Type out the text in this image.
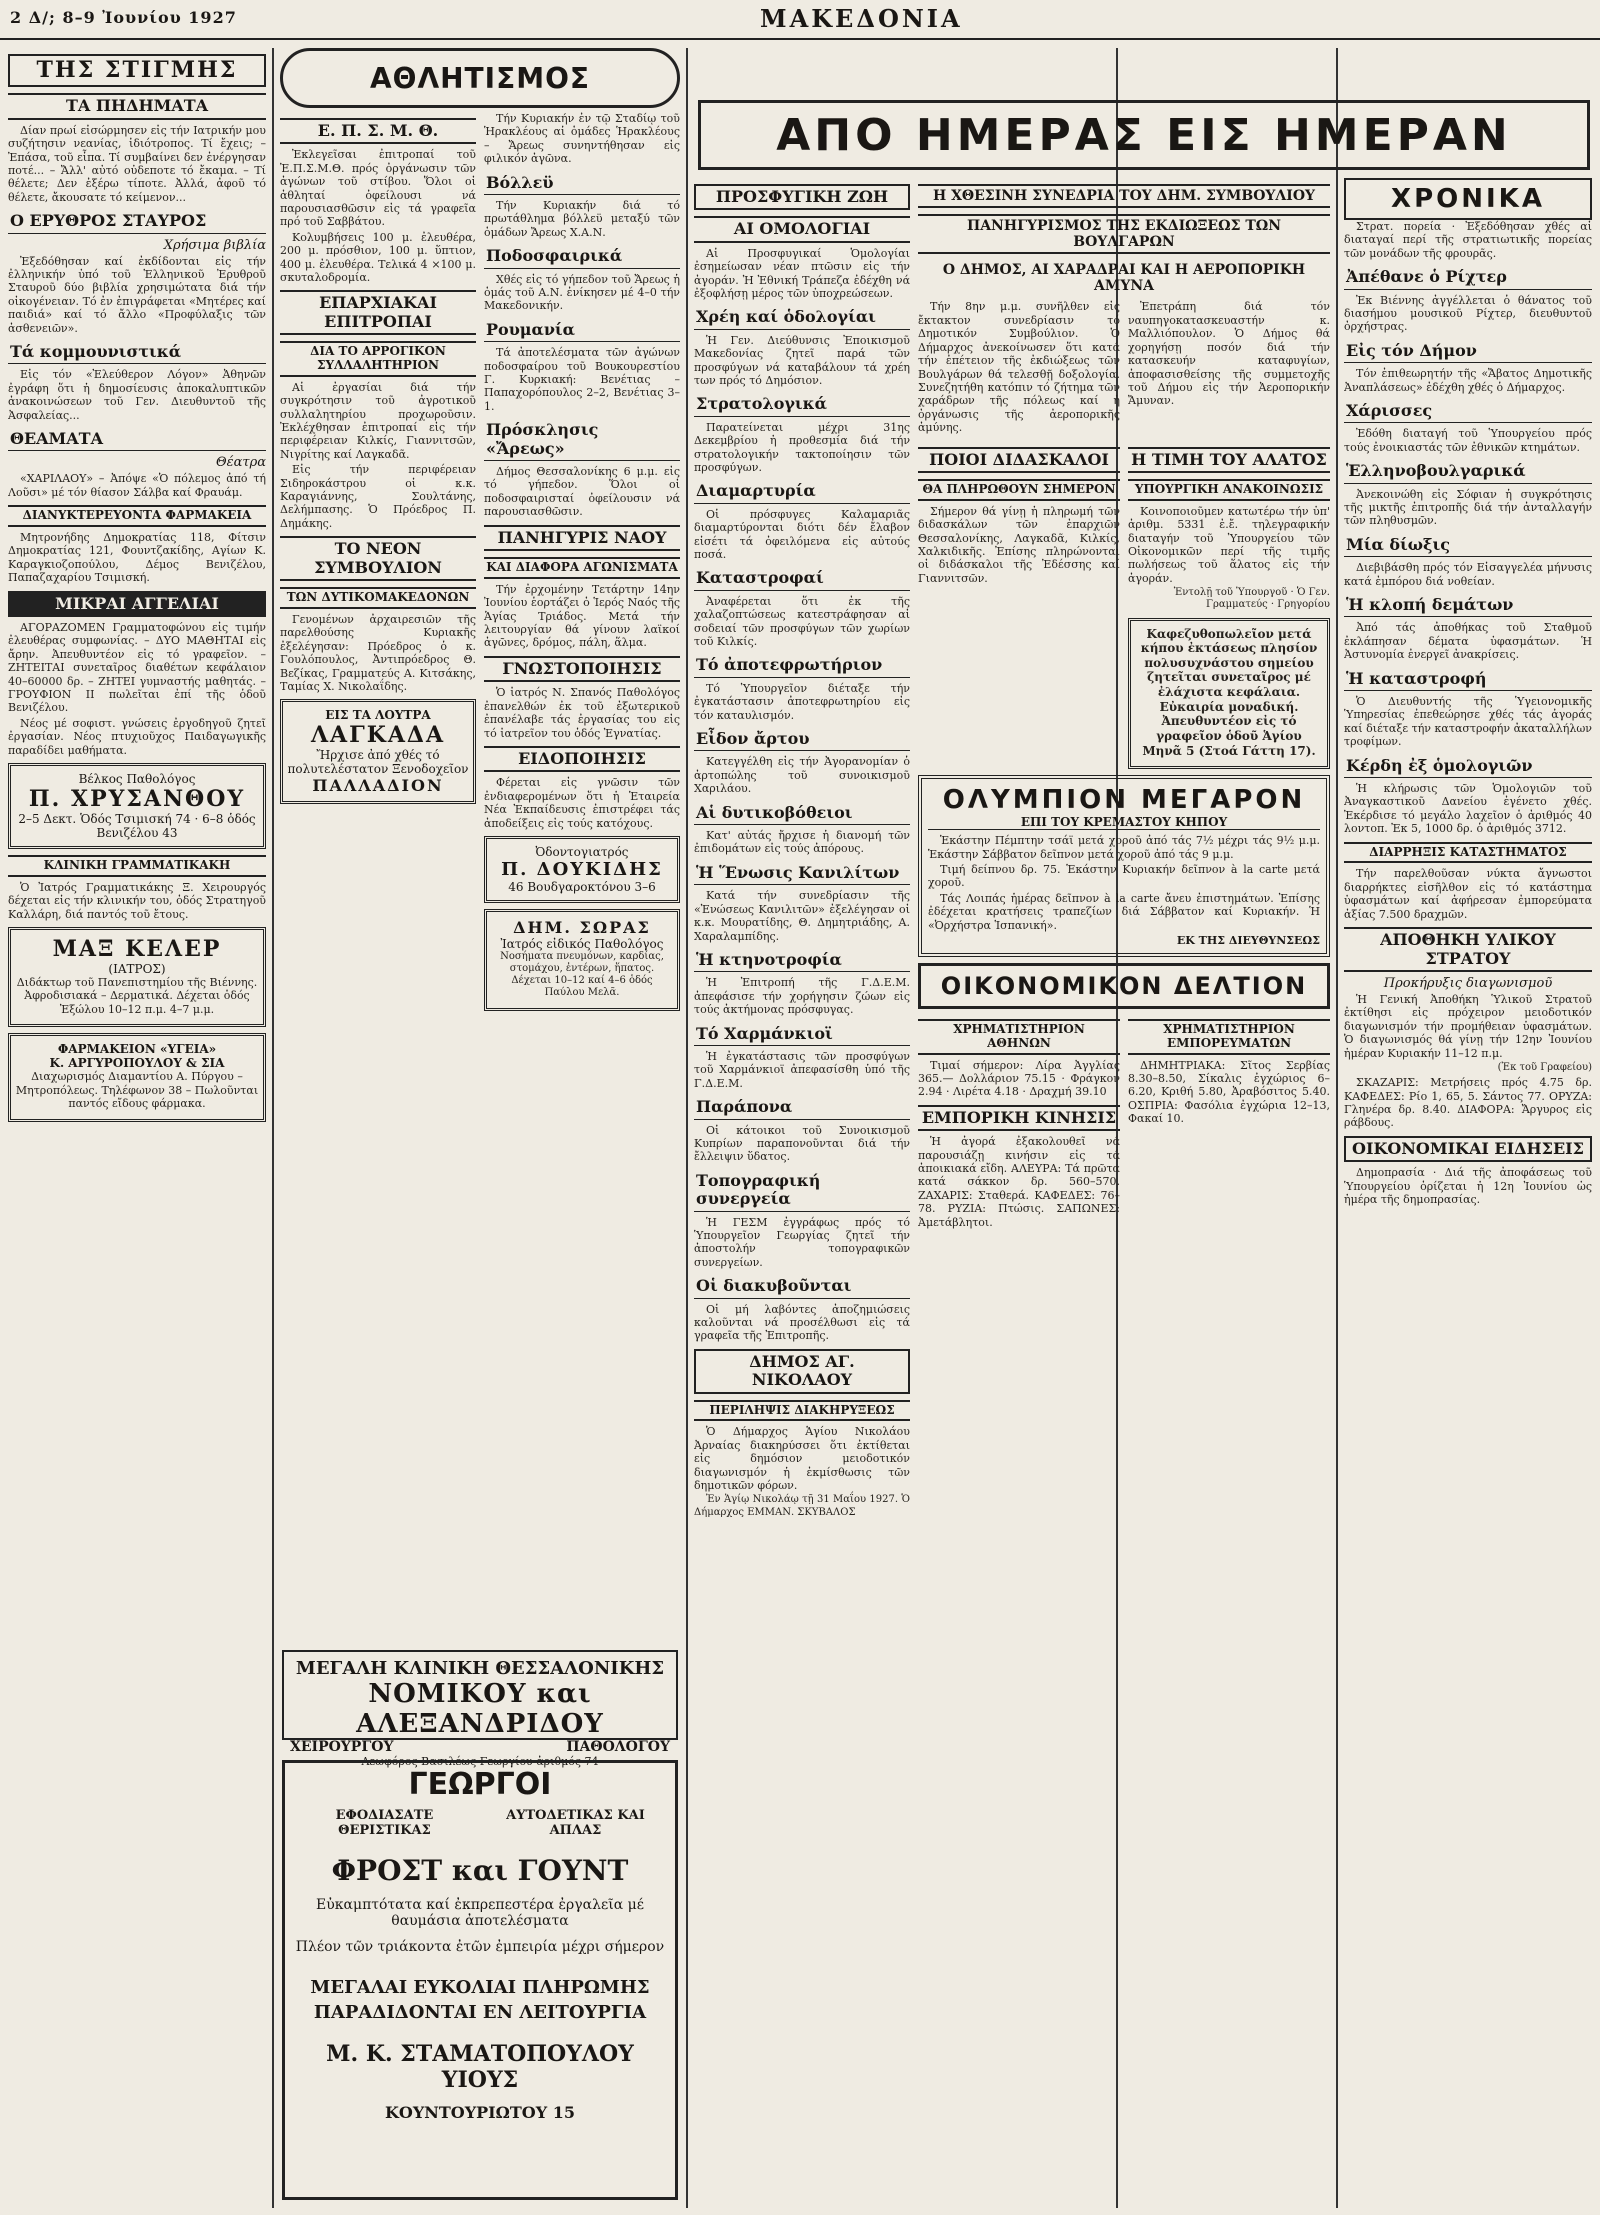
2 Δ/; 8–9 Ἰουνίου 1927	ΜΑΚΕΔΟΝΙΑ
ΤΗΣ ΣΤΙΓΜΗΣ
ΤΑ ΠΗΔΗΜΑΤΑ

Δίαν πρωί εἰσώρμησεν εἰς τήν Ιατρικήν μου συζήτησιν νεανίας, ἰδιότροπος. Τί ἔχεις; – Ἐπάσα, τοῦ εἶπα. Τί συμβαίνει δεν ἐνέργησαν ποτέ... – Ἄλλ' αὐτό οὐδεποτε τό ἔκαμα. – Τί θέλετε; Δεν ἐξέρω τίποτε. Ἀλλά, ἀφοῦ τό θέλετε, ἄκουσατε τό κείμενον...

Ο ΕΡΥΘΡΟΣ ΣΤΑΥΡΟΣ
Χρήσιμα βιβλία

Ἐξεδόθησαν καί ἐκδίδονται εἰς τήν ἐλληνικήν ὑπό τοῦ Ἑλληνικοῦ Ἐρυθροῦ Σταυροῦ δύο βιβλία χρησιμώτατα διά τήν οἰκογένειαν. Τό ἐν ἐπιγράφεται «Μητέρες καί παιδιά» καί τό ἄλλο «Προφύλαξις τῶν ἀσθενειῶν».

Τά κομμουνιστικά

Εἰς τόν «Ἐλεύθερον Λόγον» Ἀθηνῶν ἐγράφη ὅτι ἡ δημοσίευσις ἀποκαλυπτικῶν ἀνακοινώσεων τοῦ Γεν. Διευθυντοῦ τῆς Ἀσφαλείας...

ΘΕΑΜΑΤΑ
Θέατρα

«ΧΑΡΙΛΑΟΥ» – Ἀπόψε «Ὁ πόλεμος ἀπό τή Λοῦσι» μέ τόν θίασον Σάλβα καί Φραυάμ.

ΔΙΑΝΥΚΤΕΡΕΥΟΝΤΑ ΦΑΡΜΑΚΕΙΑ

Μητρονήδης Δημοκρατίας 118, Φίτσιν Δημοκρατίας 121, Φουντζακίδης, Αγίων Κ. Καραγκιοζοπούλου, Δέμος Βενιζέλου, Παπαζαχαρίου Τσιμισκή.

ΜΙΚΡΑΙ ΑΓΓΕΛΙΑΙ

ΑΓΟΡΑΖΟΜΕΝ Γραμματοφώνου εἰς τιμήν ἐλευθέρας συμφωνίας. – ΔΥΟ ΜΑΘΗΤΑΙ εἰς ἄρην. Ἀπευθυντέον εἰς τό γραφεῖον. – ΖΗΤΕΙΤΑΙ συνεταῖρος διαθέτων κεφάλαιον 40–60000 δρ. – ΖΗΤΕΙ γυμναστής μαθητάς. – ΓΡΟΥΦΙΟΝ ΙΙ πωλεῖται ἐπί τῆς ὁδοῦ Βενιζέλου.

Νέος μέ σοφιστ. γνώσεις ἐργοδηγοῦ ζητεῖ ἐργασίαν. Νέος πτυχιοῦχος Παιδαγωγικῆς παραδίδει μαθήματα.

Βέλκος Παθολόγος
Π. ΧΡΥΣΑΝΘΟΥ
2–5 Δεκτ. Ὁδός Τσιμισκή 74 · 6–8 ὁδός Βενιζέλου 43
ΚΛΙΝΙΚΗ ΓΡΑΜΜΑΤΙΚΑΚΗ

Ὁ Ἰατρός Γραμματικάκης Ξ. Χειρουργός δέχεται εἰς τήν κλινικήν του, ὁδός Στρατηγοῦ Καλλάρη, διά παντός τοῦ ἔτους.

ΜΑΞ ΚΕΛΕΡ
(ΙΑΤΡΟΣ)

Διδάκτωρ τοῦ Πανεπιστημίου τῆς Βιέννης. Ἀφροδισιακά – Δερματικά. Δέχεται ὁδός Ἐξώλου 10–12 π.μ. 4–7 μ.μ.

ΦΑΡΜΑΚΕΙΟΝ «ΥΓΕΙΑ»
Κ. ΑΡΓΥΡΟΠΟΥΛΟΥ & ΣΙΑ

Διαχωρισμός Διαμαντίου Α. Πύργου – Μητροπόλεως. Τηλέφωνον 38 – Πωλοῦνται παντός εἴδους φάρμακα.

ΑΘΛΗΤΙΣΜΟΣ
Ε. Π. Σ. Μ. Θ.

Ἐκλεγεῖσαι ἐπιτροπαί τοῦ Ἐ.Π.Σ.Μ.Θ. πρός ὀργάνωσιν τῶν ἀγώνων τοῦ στίβου. Ὅλοι οἱ ἀθληταί ὀφείλουσι νά παρουσιασθῶσιν εἰς τά γραφεῖα πρό τοῦ Σαββάτου.

Κολυμβήσεις 100 μ. ἐλευθέρα, 200 μ. πρόσθιον, 100 μ. ὕπτιον, 400 μ. ἐλευθέρα. Τελικά 4 ×100 μ. σκυταλοδρομία.

ΕΠΑΡΧΙΑΚΑΙ ΕΠΙΤΡΟΠΑΙ
ΔΙΑ ΤΟ ΑΡΡΟΓΙΚΟΝ ΣΥΛΛΑΛΗΤΗΡΙΟΝ

Αἱ ἐργασίαι διά τήν συγκρότησιν τοῦ ἀγροτικοῦ συλλαλητηρίου προχωροῦσιν. Ἐκλέχθησαν ἐπιτροπαί εἰς τήν περιφέρειαν Κιλκίς, Γιαννιτσῶν, Νιγρίτης καί Λαγκαδᾶ.

Εἰς τήν περιφέρειαν Σιδηροκάστρου οἱ κ.κ. Καραγιάννης, Σουλτάνης, Δελήμπασης. Ὁ Πρόεδρος Π. Δημάκης.

ΤΟ ΝΕΟΝ ΣΥΜΒΟΥΛΙΟΝ
ΤΩΝ ΔΥΤΙΚΟΜΑΚΕΔΟΝΩΝ

Γενομένων ἀρχαιρεσιῶν τῆς παρελθούσης Κυριακῆς ἐξελέγησαν: Πρόεδρος ὁ κ. Γουλόπουλος, Ἀντιπρόεδρος Θ. Βεζίκας, Γραμματεύς Α. Κιτσάκης, Ταμίας Χ. Νικολαΐδης.

ΕΙΣ ΤΑ ΛΟΥΤΡΑ
ΛΑΓΚΑΔΑ
Ἤρχισε ἀπό χθές τό πολυτελέστατον Ξενοδοχεῖον
ΠΑΛΛΑΔΙΟΝ

Τήν Κυριακήν ἐν τῷ Σταδίῳ τοῦ Ἡρακλέους αἱ ὁμάδες Ἡρακλέους – Ἄρεως συνηντήθησαν εἰς φιλικόν ἀγῶνα.

Βόλλεϋ

Τήν Κυριακήν διά τό πρωτάθλημα βόλλεϋ μεταξύ τῶν ὁμάδων Ἄρεως Χ.Α.Ν.

Ποδοσφαιρικά

Χθές εἰς τό γήπεδον τοῦ Ἄρεως ἡ ὁμάς τοῦ Α.Ν. ἐνίκησεν μέ 4–0 τήν Μακεδονικήν.

Ρουμανία

Τά ἀποτελέσματα τῶν ἀγώνων ποδοσφαίρου τοῦ Βουκουρεστίου Γ. Κυρκιακή: Βενέτιας – Παπαχορόπουλος 2–2, Βενέτιας 3–1.

Πρόσκλησις «Ἄρεως»

Δήμος Θεσσαλονίκης 6 μ.μ. εἰς τό γήπεδον. Ὅλοι οἱ ποδοσφαιρισταί ὀφείλουσιν νά παρουσιασθῶσιν.

ΠΑΝΗΓΥΡΙΣ ΝΑΟΥ
ΚΑΙ ΔΙΑΦΟΡΑ ΑΓΩΝΙΣΜΑΤΑ

Τήν ἐρχομένην Τετάρτην 14ην Ἰουνίου ἑορτάζει ὁ Ἱερός Ναός τῆς Ἁγίας Τριάδος. Μετά τήν λειτουργίαν θά γίνουν λαϊκοί ἀγῶνες, δρόμος, πάλη, ἅλμα.

ΓΝΩΣΤΟΠΟΙΗΣΙΣ

Ὁ ἰατρός Ν. Σπανός Παθολόγος ἐπανελθών ἐκ τοῦ ἐξωτερικοῦ ἐπανέλαβε τάς ἐργασίας του εἰς τό ἰατρεῖον του ὁδός Ἐγνατίας.

ΕΙΔΟΠΟΙΗΣΙΣ

Φέρεται εἰς γνῶσιν τῶν ἐνδιαφερομένων ὅτι ἡ Ἑταιρεία Νέα Ἐκπαίδευσις ἐπιστρέφει τάς ἀποδείξεις εἰς τούς κατόχους.

Ὀδοντογιατρός
Π. ΔΟΥΚΙΔΗΣ
46 Βουδγαροκτόνου 3–6
ΔΗΜ. ΣΩΡΑΣ
Ἰατρός εἰδικός Παθολόγος

Νοσήματα πνευμόνων, καρδίας, στομάχου, ἐντέρων, ἥπατος. Δέχεται 10–12 καί 4–6 ὁδός Παύλου Μελᾶ.

ΜΕΓΑΛΗ ΚΛΙΝΙΚΗ ΘΕΣΣΑΛΟΝΙΚΗΣ
ΝΟΜΙΚΟΥ και ΑΛΕΞΑΝΔΡΙΔΟΥ
ΧΕΙΡΟΥΡΓΟΥ	ΠΑΘΟΛΟΓΟΥ
Λεωφόρος Βασιλέως Γεωργίου ἀριθμός 74
ΓΕΩΡΓΟΙ
ΕΦΟΔΙΑΣΑΤΕ ΘΕΡΙΣΤΙΚΑΣ
ΑΥΤΟΔΕΤΙΚΑΣ ΚΑΙ ΑΠΛΑΣ
ΦΡΟΣΤ και ΓΟΥΝΤ
Εὐκαμπτότατα καί ἐκπρεπεστέρα ἐργαλεῖα μέ θαυμάσια ἀποτελέσματα
Πλέον τῶν τριάκοντα ἐτῶν ἐμπειρία μέχρι σήμερον
ΜΕΓΑΛΑΙ ΕΥΚΟΛΙΑΙ ΠΛΗΡΩΜΗΣ
ΠΑΡΑΔΙΔΟΝΤΑΙ ΕΝ ΛΕΙΤΟΥΡΓΙΑ
Μ. Κ. ΣΤΑΜΑΤΟΠΟΥΛΟΥ ΥΙΟΥΣ
ΚΟΥΝΤΟΥΡΙΩΤΟΥ 15
ΑΠΟ ΗΜΕΡΑΣ ΕΙΣ ΗΜΕΡΑΝ
ΠΡΟΣΦΥΓΙΚΗ ΖΩΗ
ΑΙ ΟΜΟΛΟΓΙΑΙ

Αἱ Προσφυγικαί Ὁμολογίαι ἐσημείωσαν νέαν πτῶσιν εἰς τήν ἀγοράν. Ἡ Ἐθνική Τράπεζα ἐδέχθη νά ἐξοφλήσῃ μέρος τῶν ὑποχρεώσεων.

Χρέη καί ὁδολογίαι

Ἡ Γεν. Διεύθυνσις Ἐποικισμοῦ Μακεδονίας ζητεῖ παρά τῶν προσφύγων νά καταβάλουν τά χρέη των πρός τό Δημόσιον.

Στρατολογικά

Παρατείνεται μέχρι 31ης Δεκεμβρίου ἡ προθεσμία διά τήν στρατολογικήν τακτοποίησιν τῶν προσφύγων.

Διαμαρτυρία

Οἱ πρόσφυγες Καλαμαριᾶς διαμαρτύρονται διότι δέν ἔλαβον εἰσέτι τά ὀφειλόμενα εἰς αὐτούς ποσά.

Καταστροφαί

Ἀναφέρεται ὅτι ἐκ τῆς χαλαζοπτώσεως κατεστράφησαν αἱ σοδειαί τῶν προσφύγων τῶν χωρίων τοῦ Κιλκίς.

Τό ἀποτεφρωτήριον

Τό Ὑπουργεῖον διέταξε τήν ἐγκατάστασιν ἀποτεφρωτηρίου εἰς τόν καταυλισμόν.

Εἶδον ἄρτου

Κατεγγέλθη εἰς τήν Ἀγορανομίαν ὁ ἀρτοπώλης τοῦ συνοικισμοῦ Χαριλάου.

Αἱ δυτικοβόθειοι

Κατ' αὐτάς ἤρχισε ἡ διανομή τῶν ἐπιδομάτων εἰς τούς ἀπόρους.

Ἡ Ἕνωσις Κανιλίτων

Κατά τήν συνεδρίασιν τῆς «Ἑνώσεως Κανιλιτῶν» ἐξελέγησαν οἱ κ.κ. Μουρατίδης, Θ. Δημητριάδης, Α. Χαραλαμπίδης.

Ἡ κτηνοτροφία

Ἡ Ἐπιτροπή τῆς Γ.Δ.Ε.Μ. ἀπεφάσισε τήν χορήγησιν ζώων εἰς τούς ἀκτήμονας πρόσφυγας.

Τό Χαρμάνκιοϊ

Ἡ ἐγκατάστασις τῶν προσφύγων τοῦ Χαρμάνκιοϊ ἀπεφασίσθη ὑπό τῆς Γ.Δ.Ε.Μ.

Παράπονα

Οἱ κάτοικοι τοῦ Συνοικισμοῦ Κυπρίων παραπονοῦνται διά τήν ἔλλειψιν ὕδατος.

Τοπογραφική συνεργεία

Ἡ ΓΕΣΜ ἐγγράφως πρός τό Ὑπουργεῖον Γεωργίας ζητεῖ τήν ἀποστολήν τοπογραφικῶν συνεργείων.

Οἱ διακυβοῦνται

Οἱ μή λαβόντες ἀποζημιώσεις καλοῦνται νά προσέλθωσι εἰς τά γραφεῖα τῆς Ἐπιτροπῆς.

ΔΗΜΟΣ ΑΓ. ΝΙΚΟΛΑΟΥ
ΠΕΡΙΛΗΨΙΣ ΔΙΑΚΗΡΥΞΕΩΣ

Ὁ Δήμαρχος Ἁγίου Νικολάου Ἀρναίας διακηρύσσει ὅτι ἐκτίθεται εἰς δημόσιον μειοδοτικόν διαγωνισμόν ἡ ἐκμίσθωσις τῶν δημοτικῶν φόρων.

Ἐν Ἁγίῳ Νικολάῳ τῇ 31 Μαΐου 1927. Ὁ Δήμαρχος ΕΜΜΑΝ. ΣΚΥΒΑΛΟΣ

Η ΧΘΕΣΙΝΗ ΣΥΝΕΔΡΙΑ ΤΟΥ ΔΗΜ. ΣΥΜΒΟΥΛΙΟΥ
ΠΑΝΗΓΥΡΙΣΜΟΣ ΤΗΣ ΕΚΔΙΩΞΕΩΣ ΤΩΝ ΒΟΥΛΓΑΡΩΝ
Ο ΔΗΜΟΣ, ΑΙ ΧΑΡΑΔΡΑΙ ΚΑΙ Η ΑΕΡΟΠΟΡΙΚΗ ΑΜΥΝΑ

Τήν 8ην μ.μ. συνῆλθεν εἰς ἔκτακτον συνεδρίασιν τό Δημοτικόν Συμβούλιον. Ὁ Δήμαρχος ἀνεκοίνωσεν ὅτι κατά τήν ἐπέτειον τῆς ἐκδιώξεως τῶν Βουλγάρων θά τελεσθῇ δοξολογία. Συνεζητήθη κατόπιν τό ζήτημα τῶν χαράδρων τῆς πόλεως καί ἡ ὀργάνωσις τῆς ἀεροπορικῆς ἀμύνης.

Ἐπετράπη διά τόν ναυπηγοκατασκευαστήν κ. Μαλλιόπουλον. Ὁ Δήμος θά χορηγήσῃ ποσόν διά τήν κατασκευήν καταφυγίων, ἀποφασισθείσης τῆς συμμετοχῆς τοῦ Δήμου εἰς τήν Ἀεροπορικήν Ἄμυναν.

ΠΟΙΟΙ ΔΙΔΑΣΚΑΛΟΙ
ΘΑ ΠΛΗΡΩΘΟΥΝ ΣΗΜΕΡΟΝ

Σήμερον θά γίνῃ ἡ πληρωμή τῶν διδασκάλων τῶν ἐπαρχιῶν Θεσσαλονίκης, Λαγκαδᾶ, Κιλκίς, Χαλκιδικῆς. Ἐπίσης πληρώνονται οἱ διδάσκαλοι τῆς Ἐδέσσης καί Γιαννιτσῶν.

Η ΤΙΜΗ ΤΟΥ ΑΛΑΤΟΣ
ΥΠΟΥΡΓΙΚΗ ΑΝΑΚΟΙΝΩΣΙΣ

Κοινοποιοῦμεν κατωτέρω τήν ὑπ' ἀριθμ. 5331 ἐ.ἔ. τηλεγραφικήν διαταγήν τοῦ Ὑπουργείου τῶν Οἰκονομικῶν περί τῆς τιμῆς πωλήσεως τοῦ ἅλατος εἰς τήν ἀγοράν.

Ἐντολῇ τοῦ Ὑπουργοῦ · Ὁ Γεν. Γραμματεύς · Γρηγορίου

Καφεζυθοπωλεῖον μετά κήπου ἐκτάσεως πλησίον πολυσυχνάστου σημείου ζητεῖται συνεταῖρος μέ ἐλάχιστα κεφάλαια. Εὐκαιρία μοναδική. Ἀπευθυντέον εἰς τό γραφεῖον ὁδοῦ Ἁγίου Μηνᾶ 5 (Στοά Γάττη 17).

ΟΛΥΜΠΙΟΝ ΜΕΓΑΡΟΝ
ΕΠΙ ΤΟΥ ΚΡΕΜΑΣΤΟΥ ΚΗΠΟΥ

Ἑκάστην Πέμπτην τσάϊ μετά χοροῦ ἀπό τάς 7½ μέχρι τάς 9½ μ.μ. Ἑκάστην Σάββατον δεῖπνον μετά χοροῦ ἀπό τάς 9 μ.μ.

Τιμή δείπνου δρ. 75. Ἑκάστην Κυριακήν δεῖπνον à la carte μετά χοροῦ.

Τάς Λοιπάς ἡμέρας δεῖπνον à la carte ἄνευ ἐπιστημάτων. Ἐπίσης ἐδέχεται κρατήσεις τραπεζίων διά Σάββατον καί Κυριακήν. Ἡ «Ὀρχήστρα Ἱσπανική».

ΕΚ ΤΗΣ ΔΙΕΥΘΥΝΣΕΩΣ
ΟΙΚΟΝΟΜΙΚΟΝ ΔΕΛΤΙΟΝ
ΧΡΗΜΑΤΙΣΤΗΡΙΟΝ ΑΘΗΝΩΝ

Τιμαί σήμερον: Λίρα Ἀγγλίας 365.— Δολλάριον 75.15 · Φράγκον 2.94 · Λιρέτα 4.18 · Δραχμή 39.10

ΕΜΠΟΡΙΚΗ ΚΙΝΗΣΙΣ

Ἡ ἀγορά ἐξακολουθεῖ νά παρουσιάζῃ κινήσιν εἰς τά ἀποικιακά εἴδη. ΑΛΕΥΡΑ: Τά πρῶτα κατά σάκκον δρ. 560–570. ΖΑΧΑΡΙΣ: Σταθερά. ΚΑΦΕΔΕΣ: 76–78. ΡΥΖΙΑ: Πτώσις. ΣΑΠΩΝΕΣ: Ἀμετάβλητοι.

ΧΡΗΜΑΤΙΣΤΗΡΙΟΝ ΕΜΠΟΡΕΥΜΑΤΩΝ

ΔΗΜΗΤΡΙΑΚΑ: Σῖτος Σερβίας 8.30–8.50, Σίκαλις ἐγχώριος 6–6.20, Κριθή 5.80, Ἀραβόσιτος 5.40. ΟΣΠΡΙΑ: Φασόλια ἐγχώρια 12–13, Φακαί 10.

ΧΡΟΝΙΚΑ

Στρατ. πορεία · Ἐξεδόθησαν χθές αἱ διαταγαί περί τῆς στρατιωτικῆς πορείας τῶν μονάδων τῆς φρουρᾶς.

Ἀπέθανε ὁ Ρίχτερ

Ἐκ Βιέννης ἀγγέλλεται ὁ θάνατος τοῦ διασήμου μουσικοῦ Ρίχτερ, διευθυντοῦ ὀρχήστρας.

Εἰς τόν Δήμον

Τόν ἐπιθεωρητήν τῆς «Ἄβατος Δημοτικῆς Ἀναπλάσεως» ἐδέχθη χθές ὁ Δήμαρχος.

Χάρισσες

Ἐδόθη διαταγή τοῦ Ὑπουργείου πρός τούς ἐνοικιαστάς τῶν ἐθνικῶν κτημάτων.

Ἑλληνοβουλγαρικά

Ἀνεκοινώθη εἰς Σόφιαν ἡ συγκρότησις τῆς μικτῆς ἐπιτροπῆς διά τήν ἀνταλλαγήν τῶν πληθυσμῶν.

Μία δίωξις

Διεβιβάσθη πρός τόν Εἰσαγγελέα μήνυσις κατά ἐμπόρου διά νοθείαν.

Ἡ κλοπή δεμάτων

Ἀπό τάς ἀποθήκας τοῦ Σταθμοῦ ἐκλάπησαν δέματα ὑφασμάτων. Ἡ Ἀστυνομία ἐνεργεῖ ἀνακρίσεις.

Ἡ καταστροφή

Ὁ Διευθυντής τῆς Ὑγειονομικῆς Ὑπηρεσίας ἐπεθεώρησε χθές τάς ἀγοράς καί διέταξε τήν καταστροφήν ἀκαταλλήλων τροφίμων.

Κέρδη ἐξ ὁμολογιῶν

Ἡ κλήρωσις τῶν Ὁμολογιῶν τοῦ Ἀναγκαστικοῦ Δανείου ἐγένετο χθές. Ἐκέρδισε τό μεγάλο λαχεῖον ὁ ἀριθμός 40 λοντοπ. Ἐκ 5, 1000 δρ. ὁ ἀριθμός 3712.

ΔΙΑΡΡΗΞΙΣ ΚΑΤΑΣΤΗΜΑΤΟΣ

Τήν παρελθοῦσαν νύκτα ἄγνωστοι διαρρήκτες εἰσῆλθον εἰς τό κατάστημα ὑφασμάτων καί ἀφήρεσαν ἐμπορεύματα ἀξίας 7.500 δραχμῶν.

ΑΠΟΘΗΚΗ ΥΛΙΚΟΥ ΣΤΡΑΤΟΥ
Προκήρυξις διαγωνισμοῦ

Ἡ Γενική Ἀποθήκη Ὑλικοῦ Στρατοῦ ἐκτίθησι εἰς πρόχειρον μειοδοτικόν διαγωνισμόν τήν προμήθειαν ὑφασμάτων. Ὁ διαγωνισμός θά γίνῃ τήν 12ην Ἰουνίου ἡμέραν Κυριακήν 11–12 π.μ.

(Ἐκ τοῦ Γραφείου)

ΣΚΑΖΑΡΙΣ: Μετρήσεις πρός 4.75 δρ. ΚΑΦΕΔΕΣ: Ρίο 1, 65, 5. Σάντος 77. ΟΡΥΖΑ: Γληνέρα δρ. 8.40. ΔΙΑΦΟΡΑ: Ἄργυρος εἰς ράβδους.

ΟΙΚΟΝΟΜΙΚΑΙ ΕΙΔΗΣΕΙΣ

Δημοπρασία · Διά τῆς ἀποφάσεως τοῦ Ὑπουργείου ὁρίζεται ἡ 12η Ἰουνίου ὡς ἡμέρα τῆς δημοπρασίας.
